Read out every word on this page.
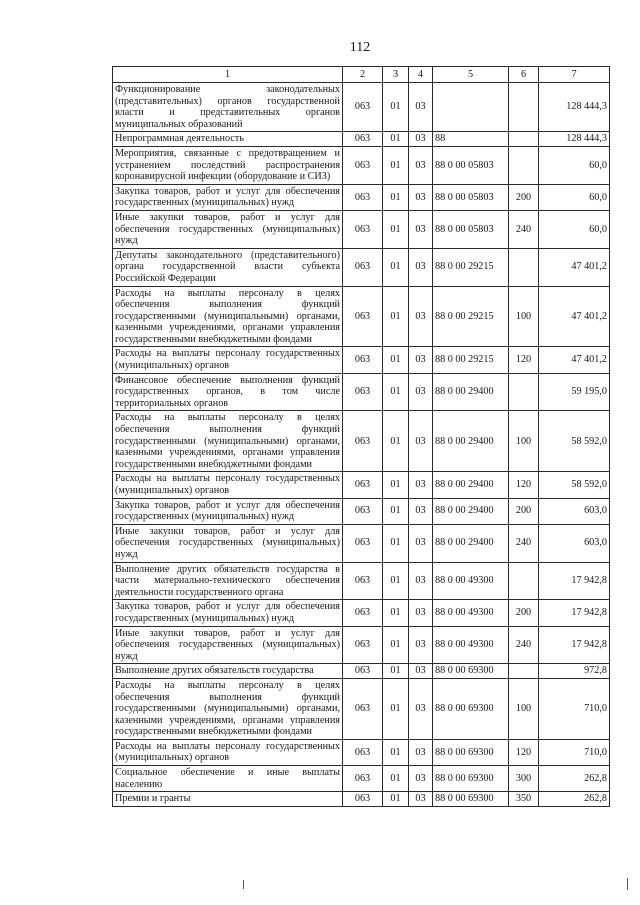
112
1	2	3	4	5	6	7
Функционирование законодательных (представительных) органов государственной власти и представительных органов муниципальных образований	063	01	03			128 444,3
Непрограммная деятельность	063	01	03	88		128 444,3
Мероприятия, связанные с предотвращением и устранением последствий распространения коронавирусной инфекции (оборудование и СИЗ)	063	01	03	88 0 00 05803		60,0
Закупка товаров, работ и услуг для обеспечения государственных (муниципальных) нужд	063	01	03	88 0 00 05803	200	60,0
Иные закупки товаров, работ и услуг для обеспечения государственных (муниципальных) нужд	063	01	03	88 0 00 05803	240	60,0
Депутаты законодательного (представительного) органа государственной власти субъекта Российской Федерации	063	01	03	88 0 00 29215		47 401,2
Расходы на выплаты персоналу в целях обеспечения выполнения функций государственными (муниципальными) органами, казенными учреждениями, органами управления государственными внебюджетными фондами	063	01	03	88 0 00 29215	100	47 401,2
Расходы на выплаты персоналу государственных (муниципальных) органов	063	01	03	88 0 00 29215	120	47 401,2
Финансовое обеспечение выполнения функций государственных органов, в том числе территориальных органов	063	01	03	88 0 00 29400		59 195,0
Расходы на выплаты персоналу в целях обеспечения выполнения функций государственными (муниципальными) органами, казенными учреждениями, органами управления государственными внебюджетными фондами	063	01	03	88 0 00 29400	100	58 592,0
Расходы на выплаты персоналу государственных (муниципальных) органов	063	01	03	88 0 00 29400	120	58 592,0
Закупка товаров, работ и услуг для обеспечения государственных (муниципальных) нужд	063	01	03	88 0 00 29400	200	603,0
Иные закупки товаров, работ и услуг для обеспечения государственных (муниципальных) нужд	063	01	03	88 0 00 29400	240	603,0
Выполнение других обязательств государства в части материально-технического обеспечения деятельности государственного органа	063	01	03	88 0 00 49300		17 942,8
Закупка товаров, работ и услуг для обеспечения государственных (муниципальных) нужд	063	01	03	88 0 00 49300	200	17 942,8
Иные закупки товаров, работ и услуг для обеспечения государственных (муниципальных) нужд	063	01	03	88 0 00 49300	240	17 942,8
Выполнение других обязательств государства	063	01	03	88 0 00 69300		972,8
Расходы на выплаты персоналу в целях обеспечения выполнения функций государственными (муниципальными) органами, казенными учреждениями, органами управления государственными внебюджетными фондами	063	01	03	88 0 00 69300	100	710,0
Расходы на выплаты персоналу государственных (муниципальных) органов	063	01	03	88 0 00 69300	120	710,0
Социальное обеспечение и иные выплаты населению	063	01	03	88 0 00 69300	300	262,8
Премии и гранты	063	01	03	88 0 00 69300	350	262,8
